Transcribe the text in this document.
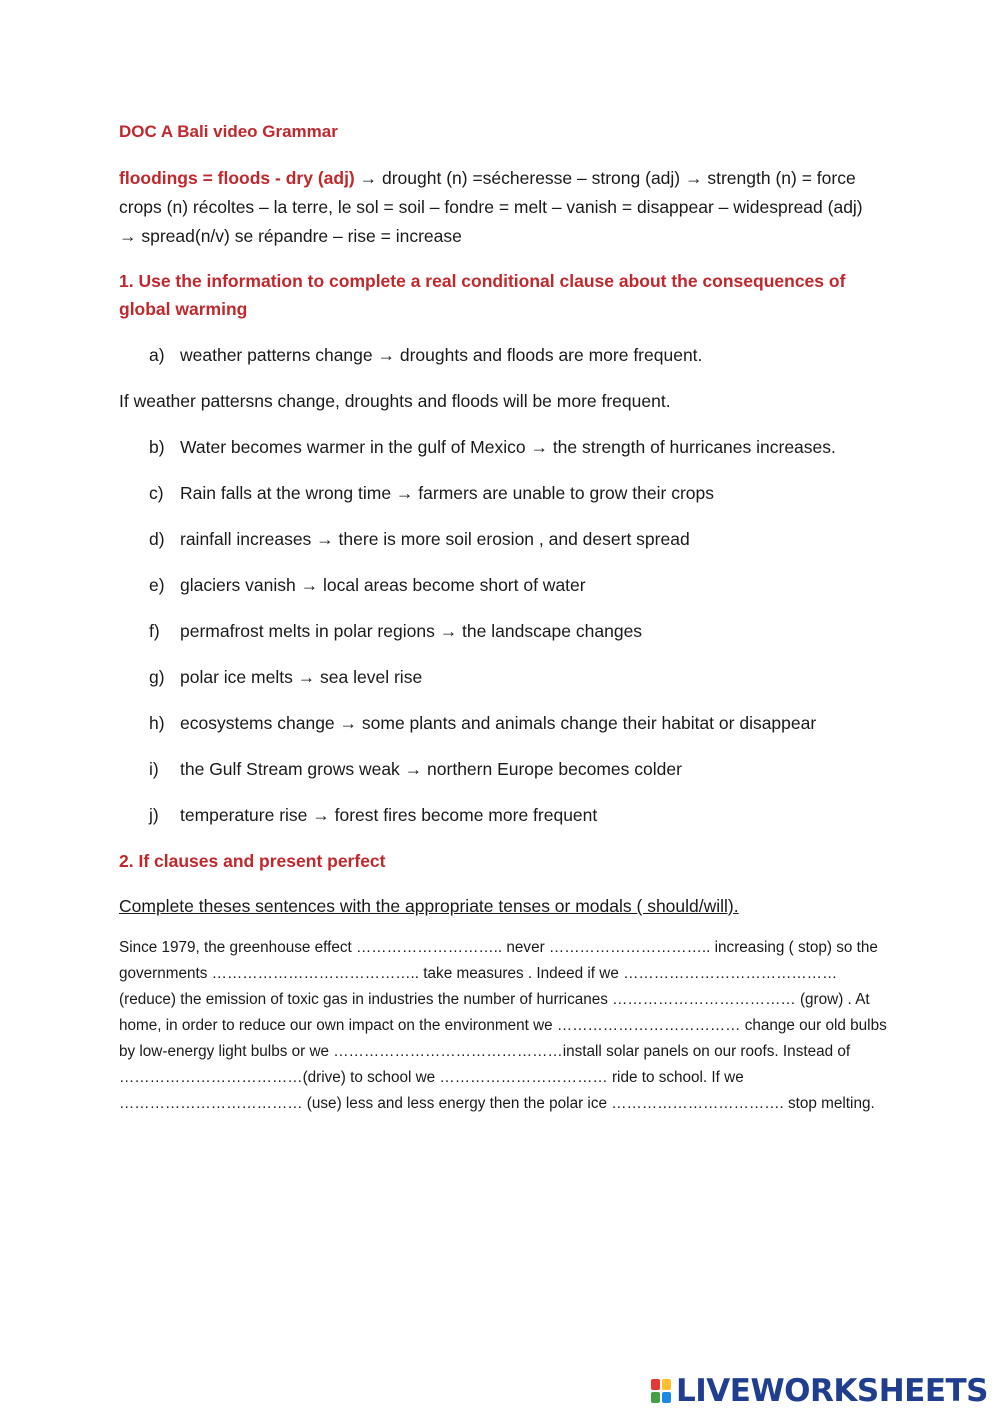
DOC A Bali video Grammar

floodings = floods - dry (adj) → drought (n) =sécheresse – strong (adj) → strength (n) = force crops (n) récoltes – la terre, le sol = soil – fondre = melt – vanish = disappear – widespread (adj) → spread(n/v) se répandre – rise = increase

1. Use the information to complete a real conditional clause about the consequences of global warming

a) weather patterns change → droughts and floods are more frequent.

If weather pattersns change, droughts and floods will be more frequent.

b) Water becomes warmer in the gulf of Mexico → the strength of hurricanes increases.
c) Rain falls at the wrong time → farmers are unable to grow their crops
d) rainfall increases → there is more soil erosion , and desert spread
e) glaciers vanish → local areas become short of water
f) permafrost melts in polar regions → the landscape changes
g) polar ice melts → sea level rise
h) ecosystems change → some plants and animals change their habitat or disappear
i) the Gulf Stream grows weak → northern Europe becomes colder
j) temperature rise → forest fires become more frequent

2. If clauses and present perfect

Complete theses sentences with the appropriate tenses or modals ( should/will).

Since 1979, the greenhouse effect ……………………….. never ………………………….. increasing ( stop) so the governments ………………………………….. take measures . Indeed if we …………………………………… (reduce) the emission of toxic gas in industries the number of hurricanes ……………………………… (grow) . At home, in order to reduce our own impact on the environment we ……………………………… change our old bulbs by low-energy light bulbs or we ………………………………………install solar panels on our roofs. Instead of ………………………………(drive) to school we …………………………… ride to school. If we ……………………………… (use) less and less energy then the polar ice ……………………………. stop melting.

LIVEWORKSHEETS
